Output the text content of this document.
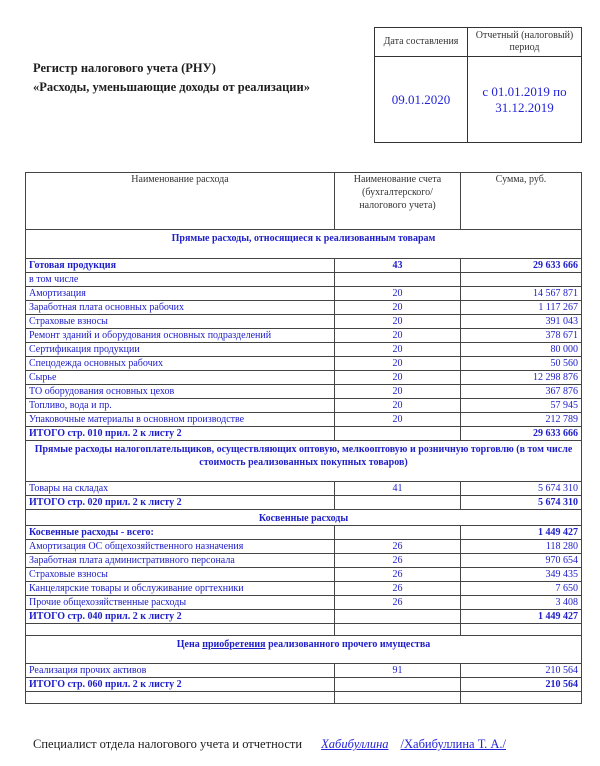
Регистр налогового учета (РНУ)
«Расходы, уменьшающие доходы от реализации»
Дата составления	Отчетный (налоговый) период
09.01.2020	с 01.01.2019 по
31.12.2019
Наименование расхода	Наименование счета (бухгалтерского/ налогового учета)	Сумма, руб.
Прямые расходы, относящиеся к реализованным товарам		
Готовая продукция	43	29 633 666
в том числе		
Амортизация	20	14 567 871
Заработная плата основных рабочих	20	1 117 267
Страховые взносы	20	391 043
Ремонт зданий и оборудования основных подразделений	20	378 671
Сертификация продукции	20	80 000
Спецодежда основных рабочих	20	50 560
Сырье	20	12 298 876
ТО оборудования основных цехов	20	367 876
Топливо, вода и пр.	20	57 945
Упаковочные материалы в основном производстве	20	212 789
ИТОГО стр. 010 прил. 2 к листу 2		29 633 666
Прямые расходы налогоплательщиков, осуществляющих оптовую, мелкооптовую и розничную торговлю (в том числе стоимость реализованных покупных товаров)		
Товары на складах	41	5 674 310
ИТОГО стр. 020 прил. 2 к листу 2		5 674 310
Косвенные расходы		
Косвенные расходы - всего:		1 449 427
Амортизация ОС общехозяйственного назначения	26	118 280
Заработная плата административного персонала	26	970 654
Страховые взносы	26	349 435
Канцелярские товары и обслуживание оргтехники	26	7 650
Прочие общехозяйственные расходы	26	3 408
ИТОГО стр. 040 прил. 2 к листу 2		1 449 427

Цена приобретения реализованного прочего имущества		
Реализация прочих активов	91	210 564
ИТОГО стр. 060 прил. 2 к листу 2		210 564

Специалист отдела налогового учета и отчетности Хабибуллина /Хабибуллина Т. А./
